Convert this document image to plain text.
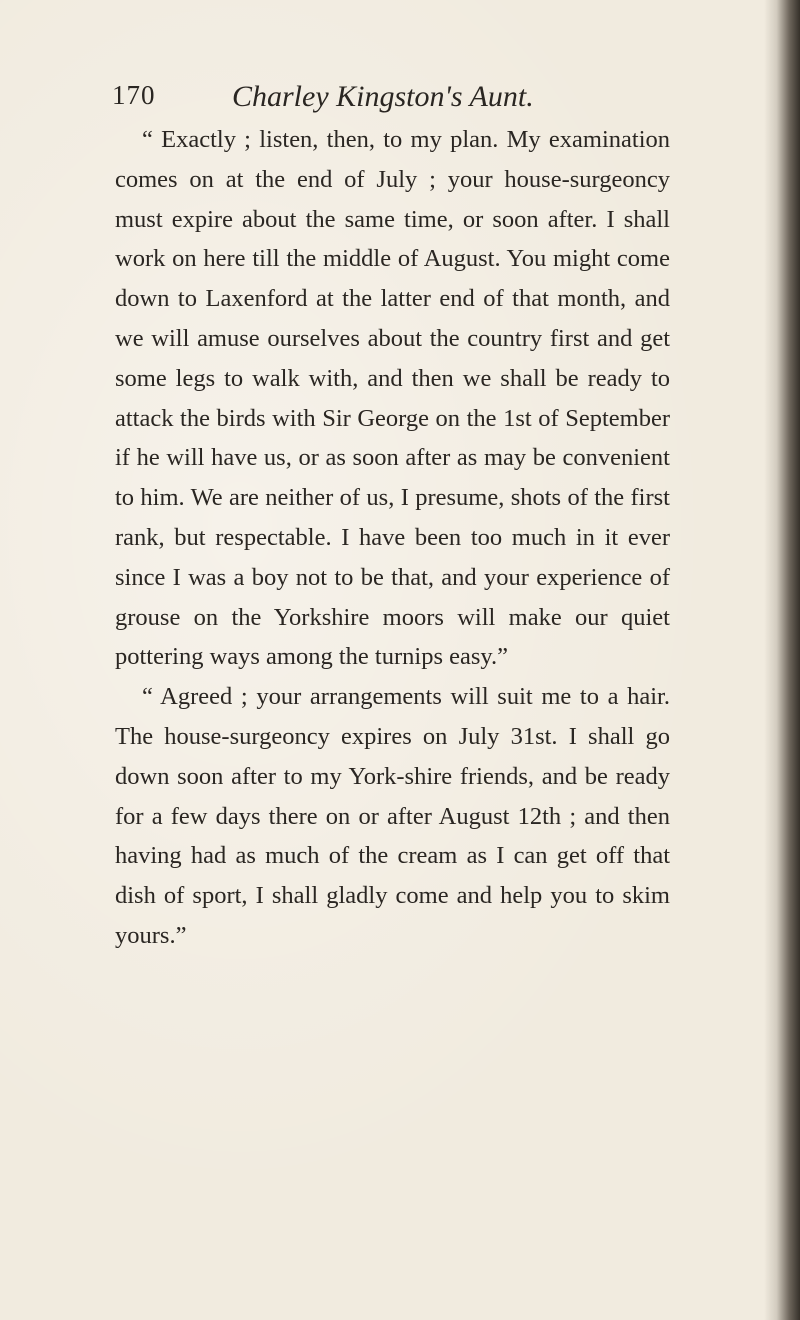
170	Charley Kingston's Aunt.

“ Exactly ; listen, then, to my plan. My examination comes on at the end of July ; your house-surgeoncy must expire about the same time, or soon after. I shall work on here till the middle of August. You might come down to Laxenford at the latter end of that month, and we will amuse ourselves about the country first and get some legs to walk with, and then we shall be ready to attack the birds with Sir George on the 1st of September if he will have us, or as soon after as may be convenient to him. We are neither of us, I presume, shots of the first rank, but respectable. I have been too much in it ever since I was a boy not to be that, and your experience of grouse on the Yorkshire moors will make our quiet pottering ways among the turnips easy.”

“ Agreed ; your arrangements will suit me to a hair. The house-surgeoncy expires on July 31st. I shall go down soon after to my York-shire friends, and be ready for a few days there on or after August 12th ; and then having had as much of the cream as I can get off that dish of sport, I shall gladly come and help you to skim yours.”
